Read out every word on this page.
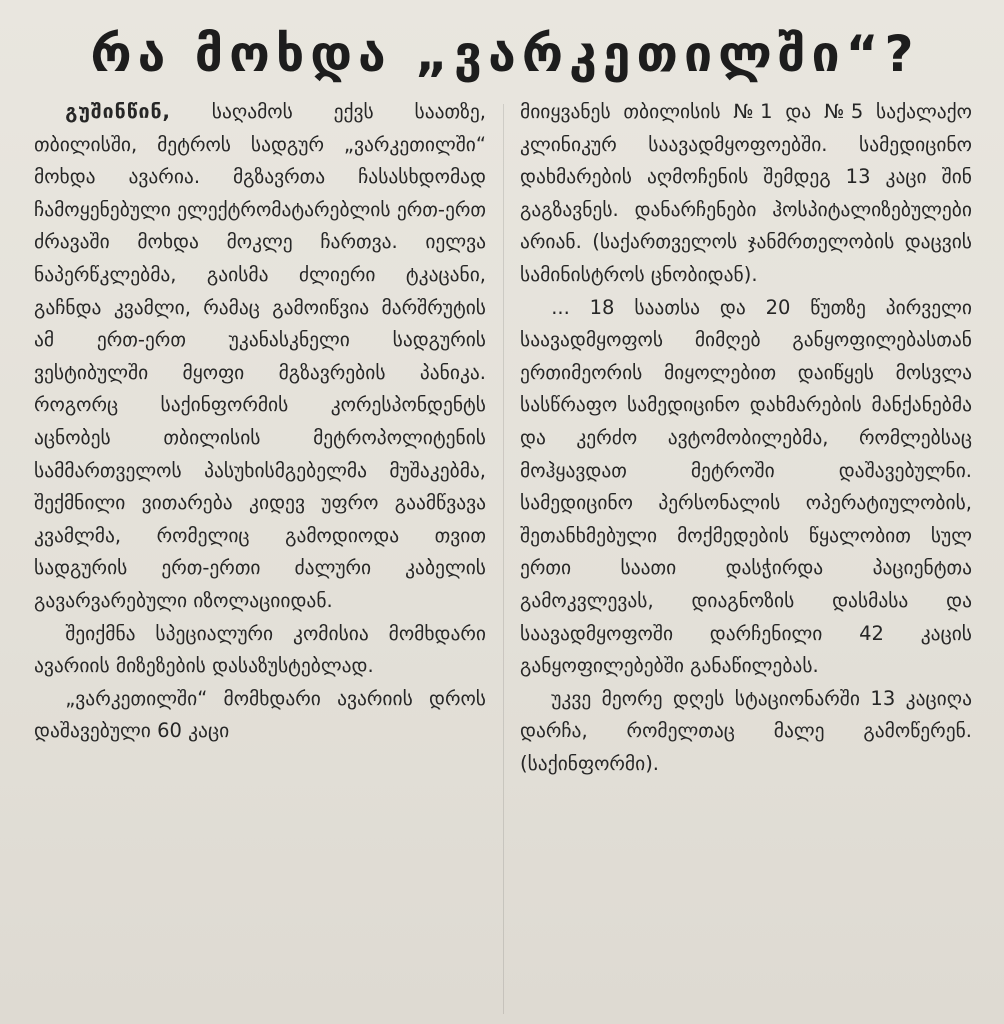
რა მოხდა „ვარკეთილში“?

გუშინწინ, საღამოს ექვს საათზე, თბილისში, მეტროს სადგურ „ვარკეთილში“ მოხდა ავარია. მგზავრთა ჩასასხდომად ჩამოყენებული ელექტრომატარებლის ერთ-ერთ ძრავაში მოხდა მოკლე ჩართვა. იელვა ნაპერწკლებმა, გაისმა ძლიერი ტკაცანი, გაჩნდა კვამლი, რამაც გამოიწვია მარშრუტის ამ ერთ-ერთ უკანასკნელი სადგურის ვესტიბულში მყოფი მგზავრების პანიკა. როგორც საქინფორმის კორესპონდენტს აცნობეს თბილისის მეტროპოლიტენის სამმართველოს პასუხისმგებელმა მუშაკებმა, შექმნილი ვითარება კიდევ უფრო გაამწვავა კვამლმა, რომელიც გამოდიოდა თვით სადგურის ერთ-ერთი ძალური კაბელის გავარვარებული იზოლაციიდან.

შეიქმნა სპეციალური კომისია მომხდარი ავარიის მიზეზების დასაზუსტებლად.

„ვარკეთილში“ მომხდარი ავარიის დროს დაშავებული 60 კაცი

მიიყვანეს თბილისის №1 და №5 საქალაქო კლინიკურ საავადმყოფოებში. სამედიცინო დახმარების აღმოჩენის შემდეგ 13 კაცი შინ გაგზავნეს. დანარჩენები ჰოსპიტალიზებულები არიან. (საქართველოს ჯანმრთელობის დაცვის სამინისტროს ცნობიდან).

... 18 საათსა და 20 წუთზე პირველი საავადმყოფოს მიმღებ განყოფილებასთან ერთიმეორის მიყოლებით დაიწყეს მოსვლა სასწრაფო სამედიცინო დახმარების მანქანებმა და კერძო ავტომობილებმა, რომლებსაც მოჰყავდათ მეტროში დაშავებულნი. სამედიცინო პერსონალის ოპერატიულობის, შეთანხმებული მოქმედების წყალობით სულ ერთი საათი დასჭირდა პაციენტთა გამოკვლევას, დიაგნოზის დასმასა და საავადმყოფოში დარჩენილი 42 კაცის განყოფილებებში განაწილებას.

უკვე მეორე დღეს სტაციონარში 13 კაციღა დარჩა, რომელთაც მალე გამოწერენ. (საქინფორმი).
